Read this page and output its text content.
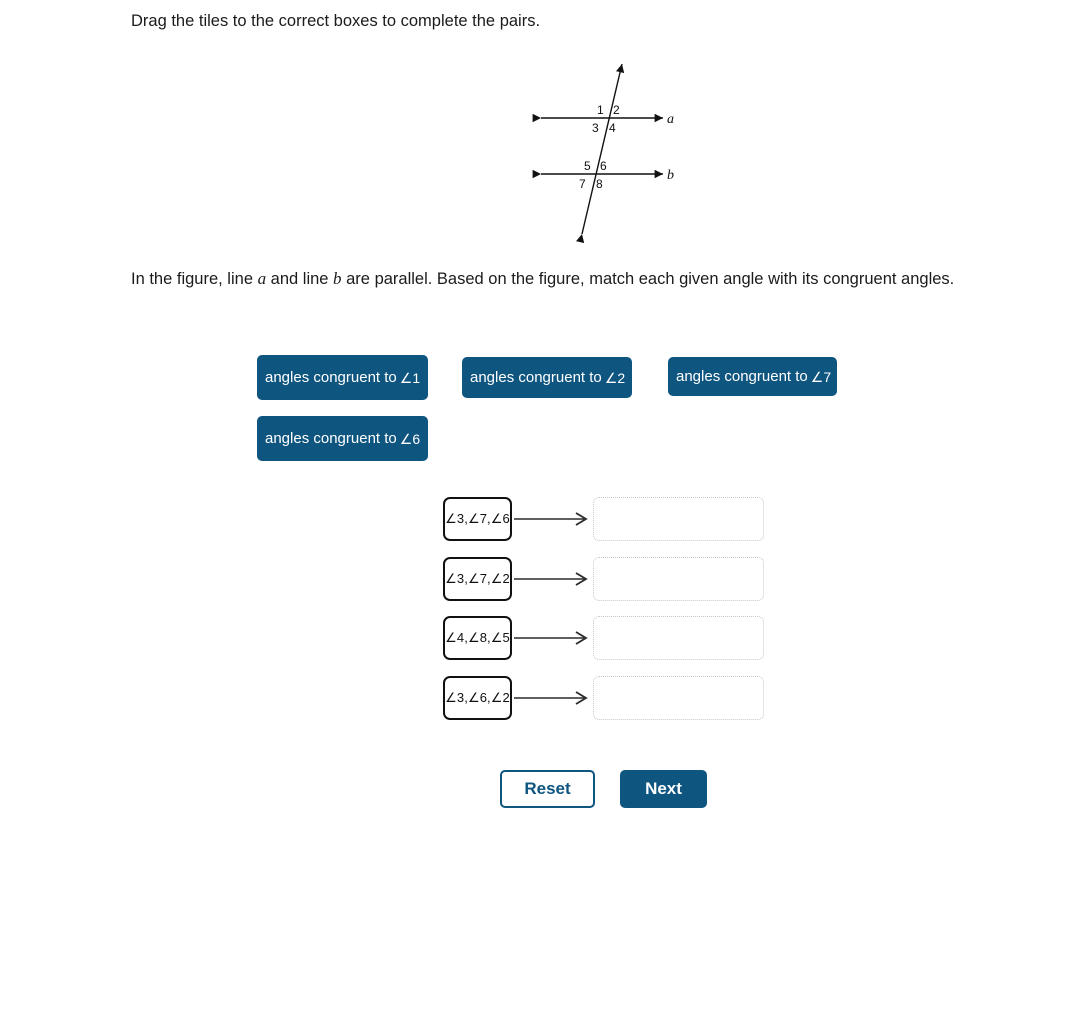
Drag the tiles to the correct boxes to complete the pairs.
a
b
1 2
3 4
5 6
7 8
In the figure, line a and line b are parallel. Based on the figure, match each given angle with its congruent angles.
angles congruent to ∠1	angles congruent to ∠2	angles congruent to ∠7
angles congruent to ∠6
∠3,∠7,∠6
∠3,∠7,∠2
∠4,∠8,∠5
∠3,∠6,∠2
Reset	Next
